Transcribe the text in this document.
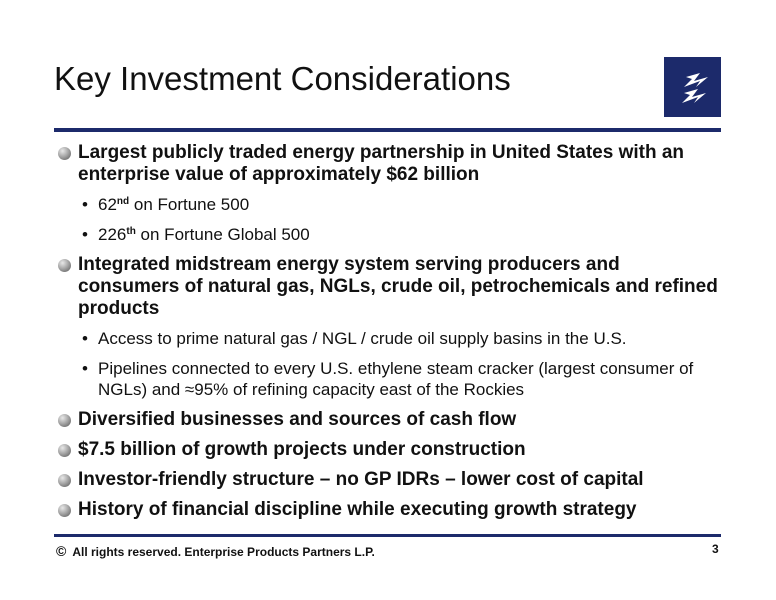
Key Investment Considerations
Largest publicly traded energy partnership in United States with an enterprise value of approximately $62 billion
• 62nd on Fortune 500
• 226th on Fortune Global 500
Integrated midstream energy system serving producers and consumers of natural gas, NGLs, crude oil, petrochemicals and refined products
• Access to prime natural gas / NGL / crude oil supply basins in the U.S.
• Pipelines connected to every U.S. ethylene steam cracker (largest consumer of NGLs) and ≈95% of refining capacity east of the Rockies
Diversified businesses and sources of cash flow
$7.5 billion of growth projects under construction
Investor-friendly structure – no GP IDRs – lower cost of capital
History of financial discipline while executing growth strategy
© All rights reserved. Enterprise Products Partners L.P.	3
